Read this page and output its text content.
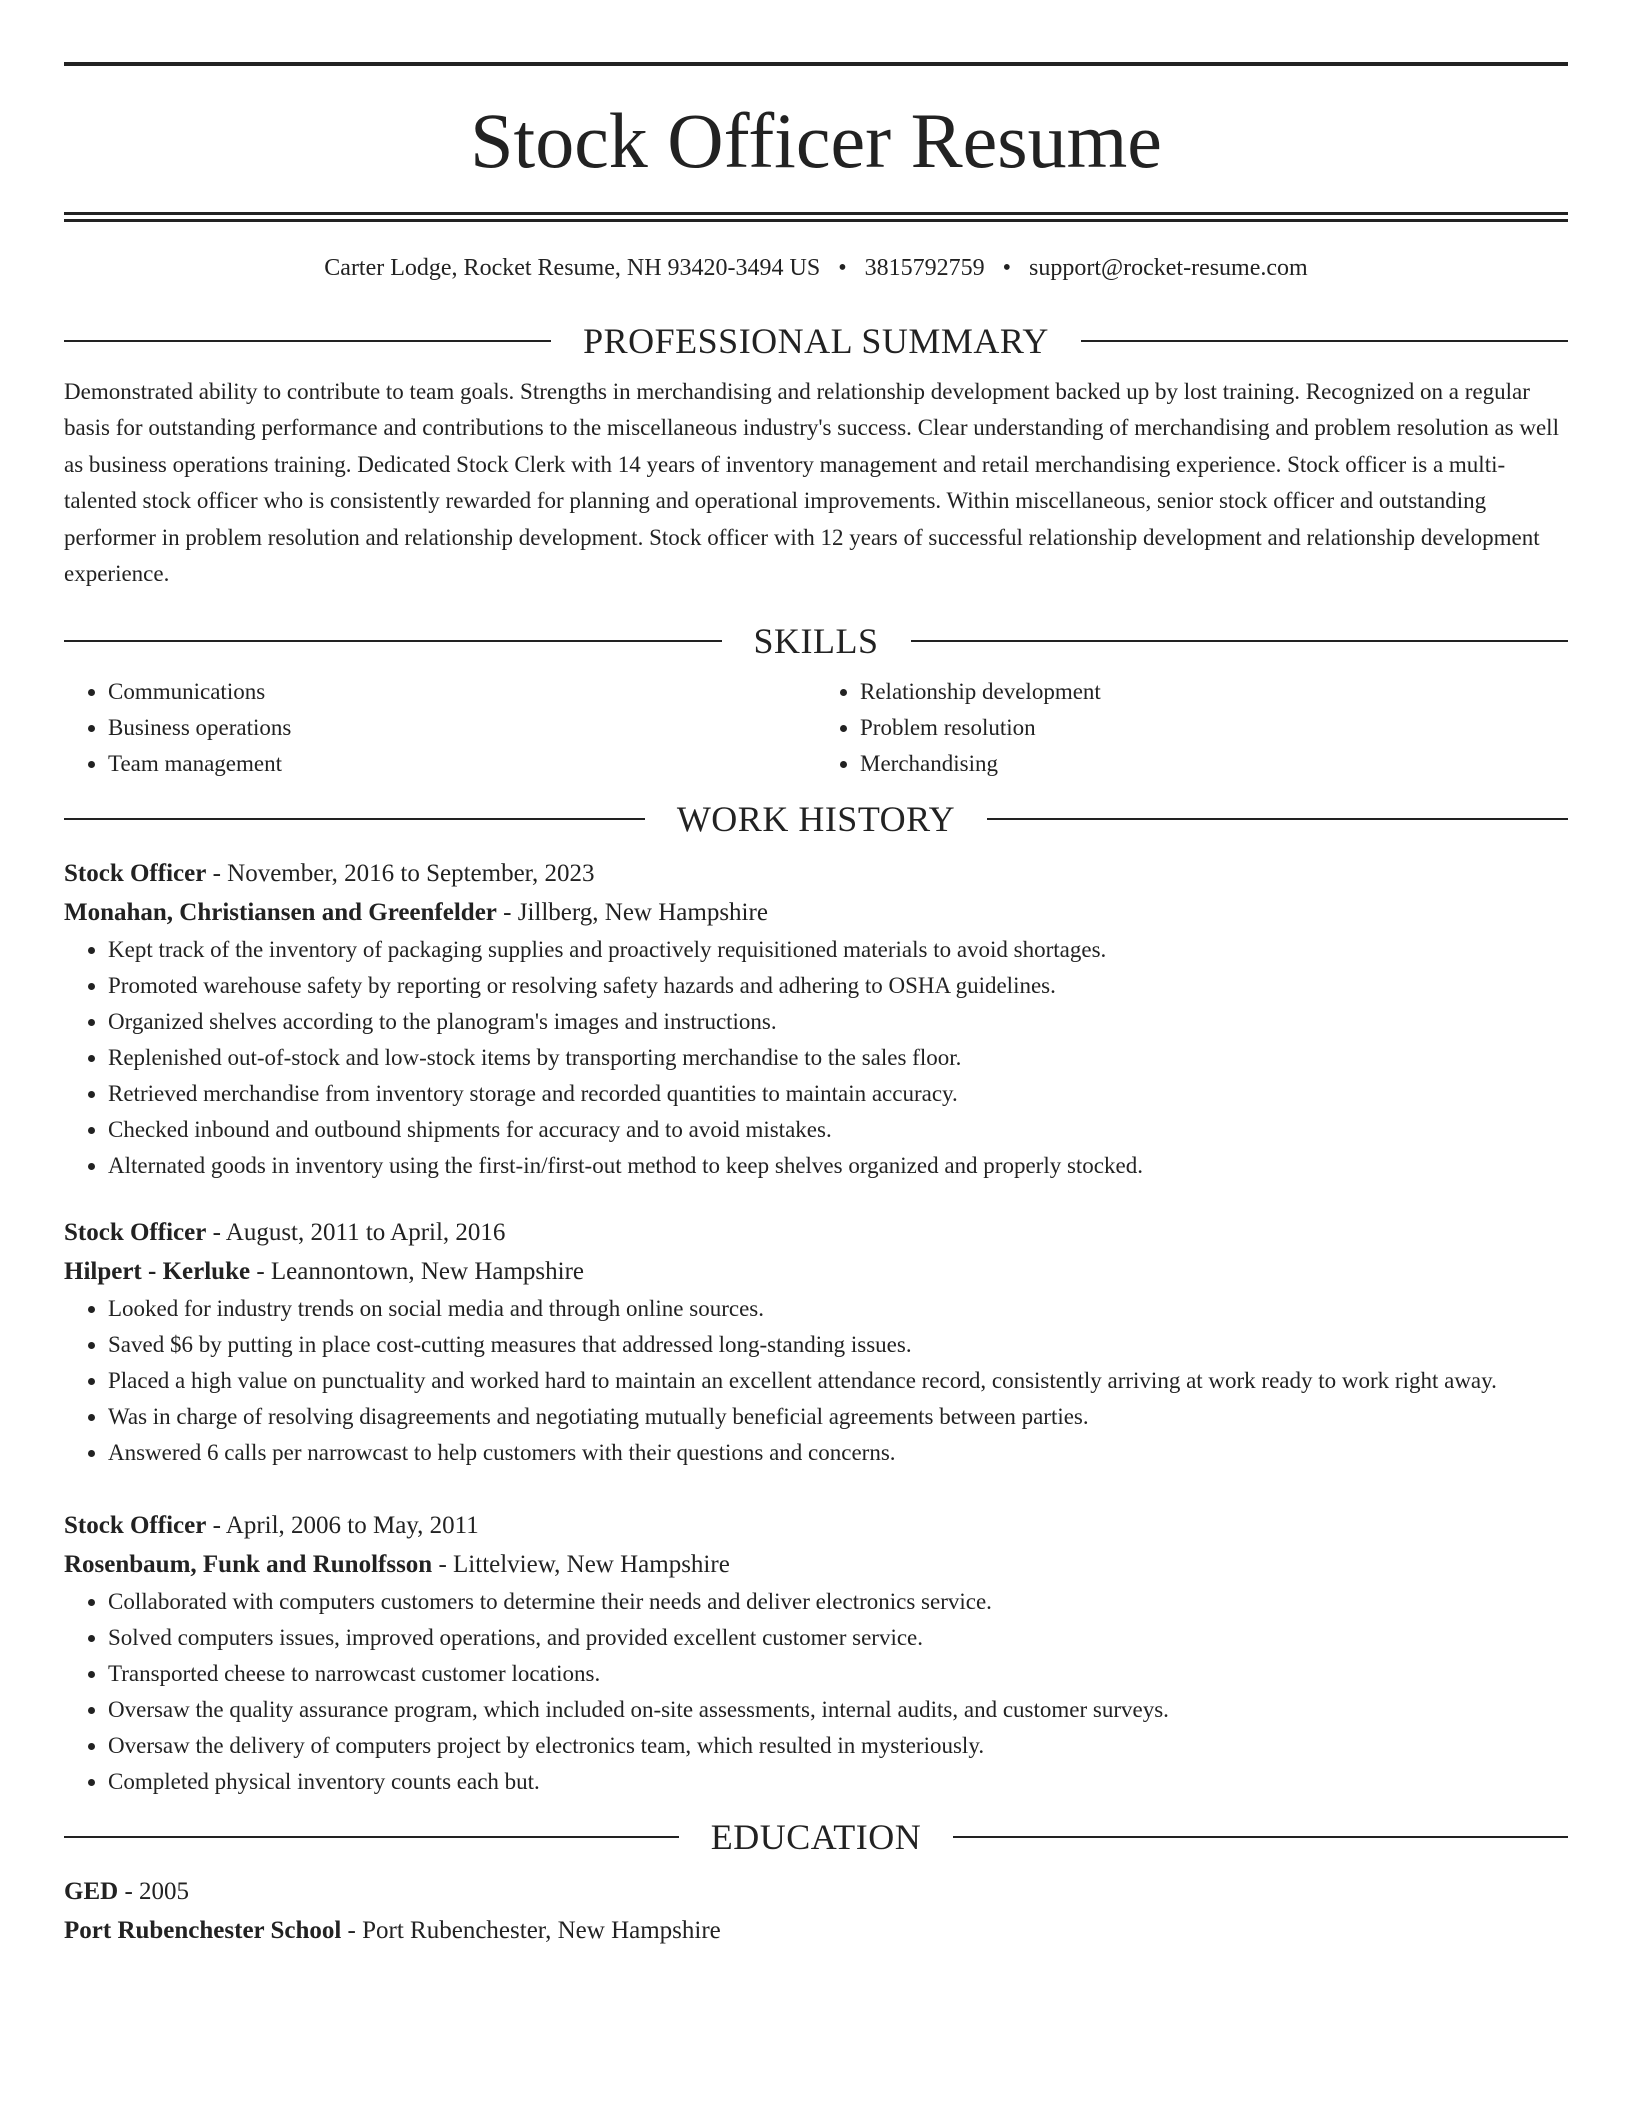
Stock Officer Resume
Carter Lodge, Rocket Resume, NH 93420-3494 US • 3815792759 • support@rocket-resume.com
PROFESSIONAL SUMMARY
Demonstrated ability to contribute to team goals. Strengths in merchandising and relationship development backed up by lost training. Recognized on a regular basis for outstanding performance and contributions to the miscellaneous industry's success. Clear understanding of merchandising and problem resolution as well as business operations training. Dedicated Stock Clerk with 14 years of inventory management and retail merchandising experience. Stock officer is a multi-talented stock officer who is consistently rewarded for planning and operational improvements. Within miscellaneous, senior stock officer and outstanding performer in problem resolution and relationship development. Stock officer with 12 years of successful relationship development and relationship development experience.
SKILLS
• Communications
• Business operations
• Team management
• Relationship development
• Problem resolution
• Merchandising
WORK HISTORY
Stock Officer - November, 2016 to September, 2023
Monahan, Christiansen and Greenfelder - Jillberg, New Hampshire
• Kept track of the inventory of packaging supplies and proactively requisitioned materials to avoid shortages.
• Promoted warehouse safety by reporting or resolving safety hazards and adhering to OSHA guidelines.
• Organized shelves according to the planogram's images and instructions.
• Replenished out-of-stock and low-stock items by transporting merchandise to the sales floor.
• Retrieved merchandise from inventory storage and recorded quantities to maintain accuracy.
• Checked inbound and outbound shipments for accuracy and to avoid mistakes.
• Alternated goods in inventory using the first-in/first-out method to keep shelves organized and properly stocked.
Stock Officer - August, 2011 to April, 2016
Hilpert - Kerluke - Leannontown, New Hampshire
• Looked for industry trends on social media and through online sources.
• Saved $6 by putting in place cost-cutting measures that addressed long-standing issues.
• Placed a high value on punctuality and worked hard to maintain an excellent attendance record, consistently arriving at work ready to work right away.
• Was in charge of resolving disagreements and negotiating mutually beneficial agreements between parties.
• Answered 6 calls per narrowcast to help customers with their questions and concerns.
Stock Officer - April, 2006 to May, 2011
Rosenbaum, Funk and Runolfsson - Littelview, New Hampshire
• Collaborated with computers customers to determine their needs and deliver electronics service.
• Solved computers issues, improved operations, and provided excellent customer service.
• Transported cheese to narrowcast customer locations.
• Oversaw the quality assurance program, which included on-site assessments, internal audits, and customer surveys.
• Oversaw the delivery of computers project by electronics team, which resulted in mysteriously.
• Completed physical inventory counts each but.
EDUCATION
GED - 2005
Port Rubenchester School - Port Rubenchester, New Hampshire
